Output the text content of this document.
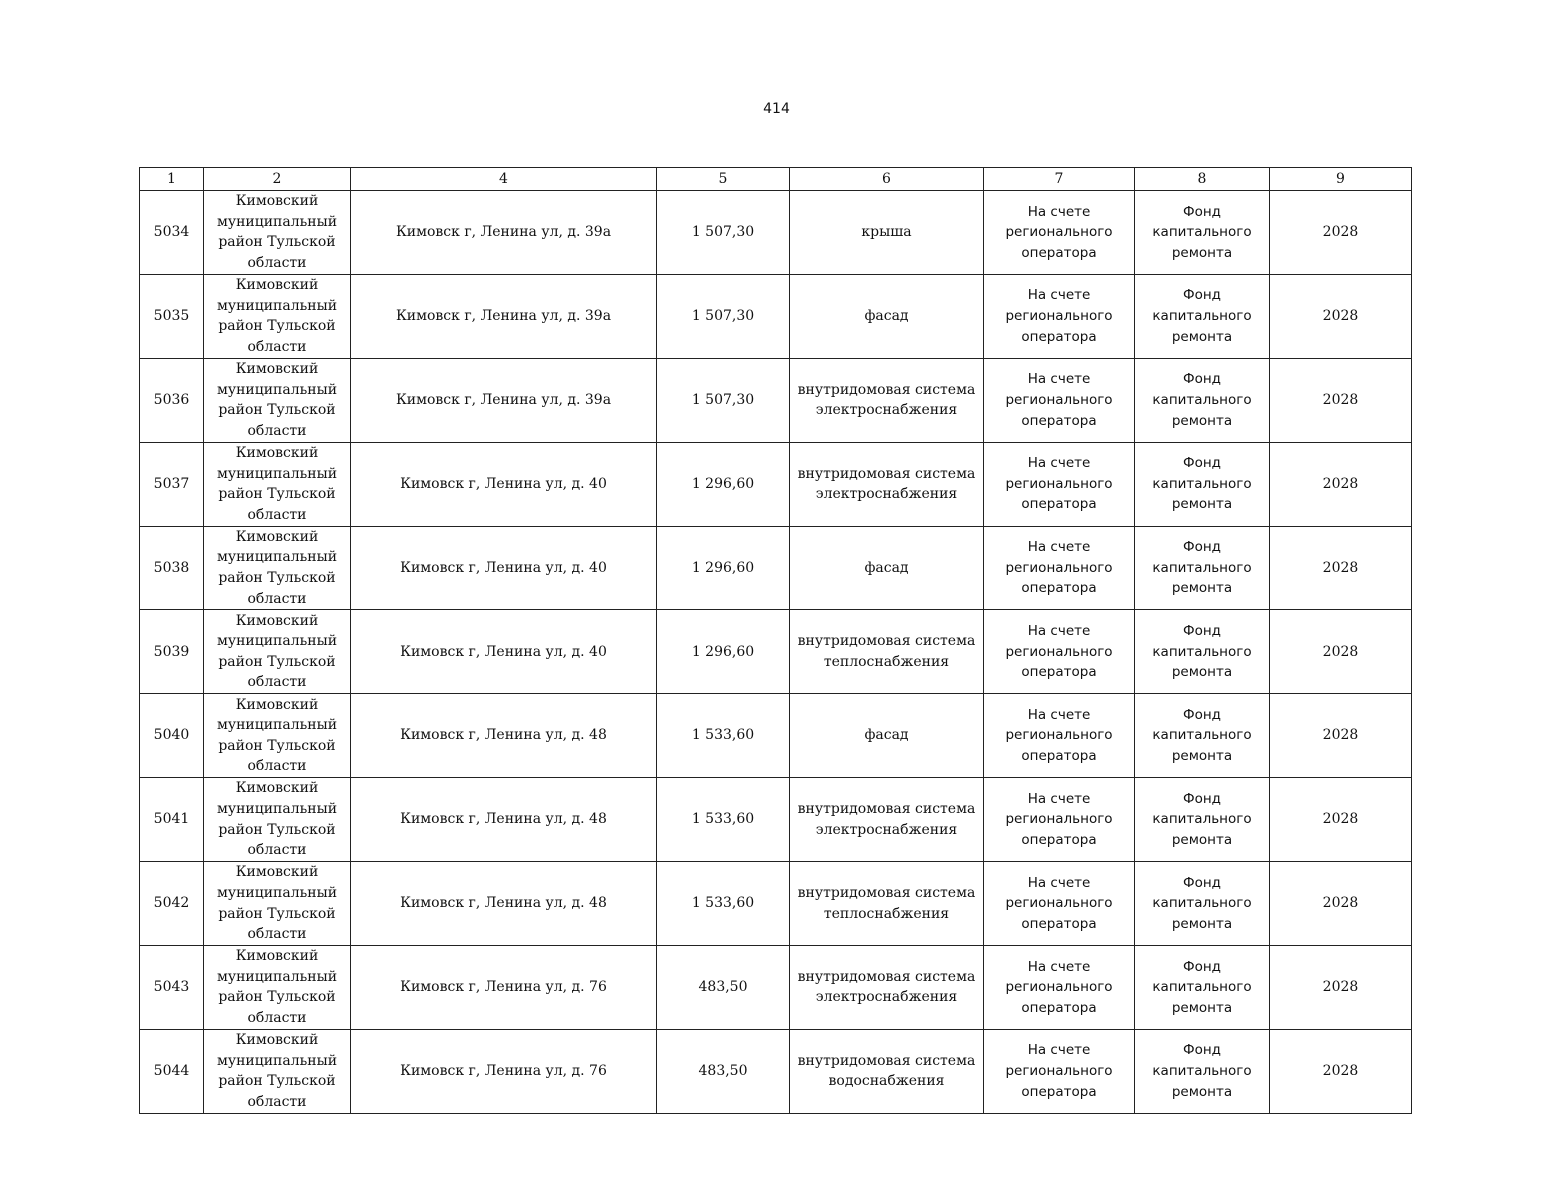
414
1	2	4	5	6	7	8	9
5034	Кимовский муниципальный район Тульской области	Кимовск г, Ленина ул, д. 39а	1 507,30	крыша	На счете регионального оператора	Фонд капитального ремонта	2028
5035	Кимовский муниципальный район Тульской области	Кимовск г, Ленина ул, д. 39а	1 507,30	фасад	На счете регионального оператора	Фонд капитального ремонта	2028
5036	Кимовский муниципальный район Тульской области	Кимовск г, Ленина ул, д. 39а	1 507,30	внутридомовая система электроснабжения	На счете регионального оператора	Фонд капитального ремонта	2028
5037	Кимовский муниципальный район Тульской области	Кимовск г, Ленина ул, д. 40	1 296,60	внутридомовая система электроснабжения	На счете регионального оператора	Фонд капитального ремонта	2028
5038	Кимовский муниципальный район Тульской области	Кимовск г, Ленина ул, д. 40	1 296,60	фасад	На счете регионального оператора	Фонд капитального ремонта	2028
5039	Кимовский муниципальный район Тульской области	Кимовск г, Ленина ул, д. 40	1 296,60	внутридомовая система теплоснабжения	На счете регионального оператора	Фонд капитального ремонта	2028
5040	Кимовский муниципальный район Тульской области	Кимовск г, Ленина ул, д. 48	1 533,60	фасад	На счете регионального оператора	Фонд капитального ремонта	2028
5041	Кимовский муниципальный район Тульской области	Кимовск г, Ленина ул, д. 48	1 533,60	внутридомовая система электроснабжения	На счете регионального оператора	Фонд капитального ремонта	2028
5042	Кимовский муниципальный район Тульской области	Кимовск г, Ленина ул, д. 48	1 533,60	внутридомовая система теплоснабжения	На счете регионального оператора	Фонд капитального ремонта	2028
5043	Кимовский муниципальный район Тульской области	Кимовск г, Ленина ул, д. 76	483,50	внутридомовая система электроснабжения	На счете регионального оператора	Фонд капитального ремонта	2028
5044	Кимовский муниципальный район Тульской области	Кимовск г, Ленина ул, д. 76	483,50	внутридомовая система водоснабжения	На счете регионального оператора	Фонд капитального ремонта	2028
